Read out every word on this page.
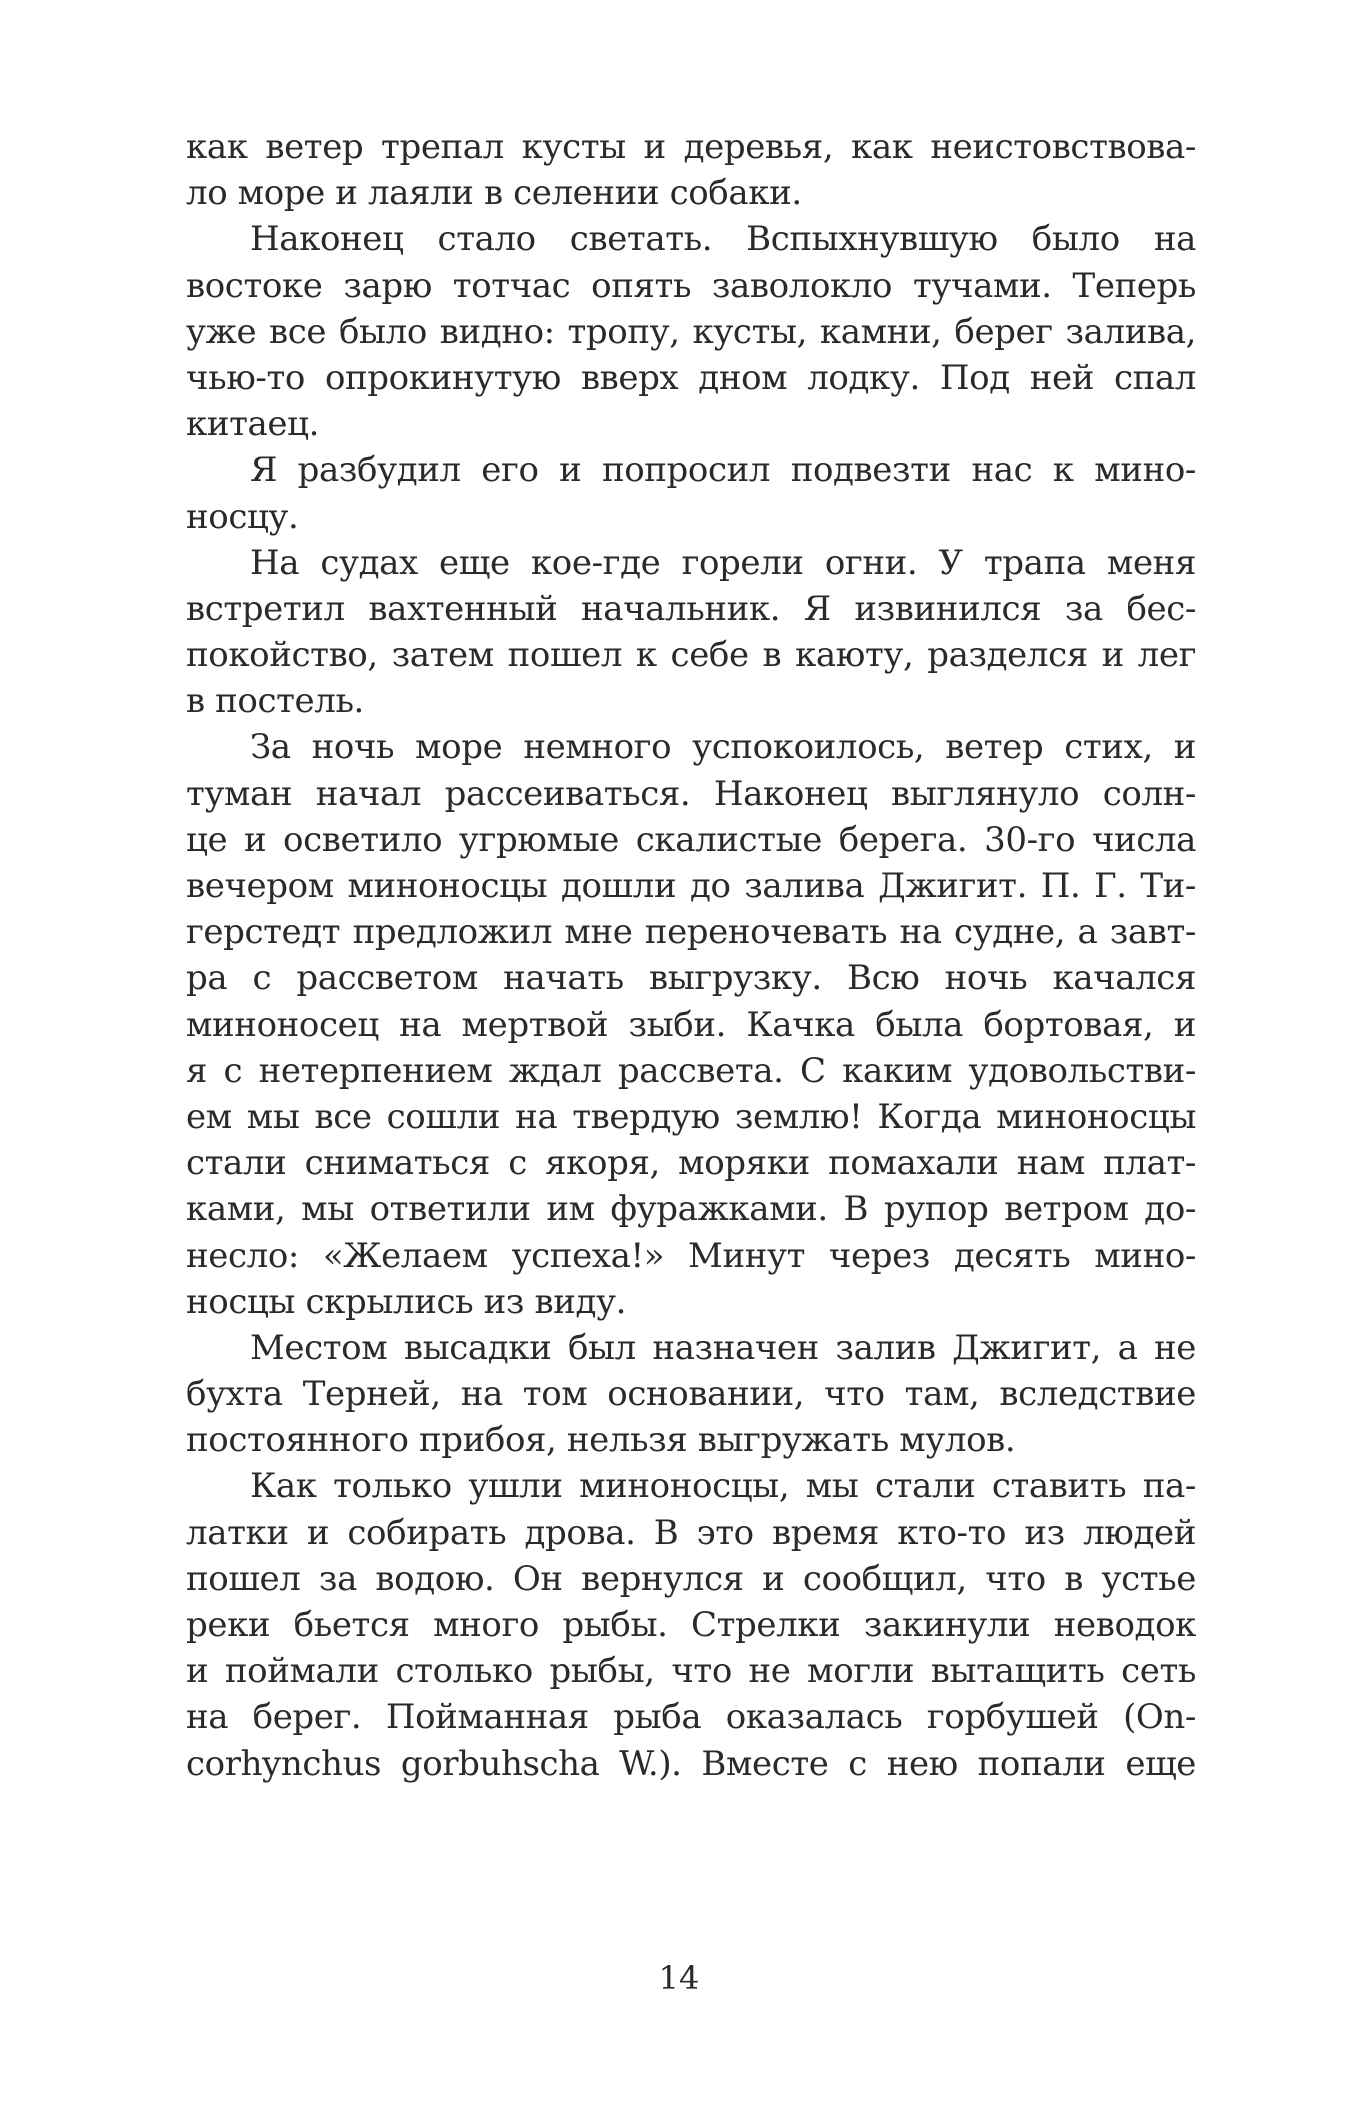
как ветер трепал кусты и деревья, как неистовствова-
ло море и лаяли в селении собаки.
Наконец стало светать. Вспыхнувшую было на
востоке зарю тотчас опять заволокло тучами. Теперь
уже все было видно: тропу, кусты, камни, берег залива,
чью-то опрокинутую вверх дном лодку. Под ней спал
китаец.
Я разбудил его и попросил подвезти нас к мино-
носцу.
На судах еще кое-где горели огни. У трапа меня
встретил вахтенный начальник. Я извинился за бес-
покойство, затем пошел к себе в каюту, разделся и лег
в постель.
За ночь море немного успокоилось, ветер стих, и
туман начал рассеиваться. Наконец выглянуло солн-
це и осветило угрюмые скалистые берега. 30-го числа
вечером миноносцы дошли до залива Джигит. П. Г. Ти-
герстедт предложил мне переночевать на судне, а завт-
ра с рассветом начать выгрузку. Всю ночь качался
миноносец на мертвой зыби. Качка была бортовая, и
я с нетерпением ждал рассвета. С каким удовольстви-
ем мы все сошли на твердую землю! Когда миноносцы
стали сниматься с якоря, моряки помахали нам плат-
ками, мы ответили им фуражками. В рупор ветром до-
несло: «Желаем успеха!» Минут через десять мино-
носцы скрылись из виду.
Местом высадки был назначен залив Джигит, а не
бухта Терней, на том основании, что там, вследствие
постоянного прибоя, нельзя выгружать мулов.
Как только ушли миноносцы, мы стали ставить па-
латки и собирать дрова. В это время кто-то из людей
пошел за водою. Он вернулся и сообщил, что в устье
реки бьется много рыбы. Стрелки закинули неводок
и поймали столько рыбы, что не могли вытащить сеть
на берег. Пойманная рыба оказалась горбушей (On-
corhynchus gorbuhscha W.). Вместе с нею попали еще
14
